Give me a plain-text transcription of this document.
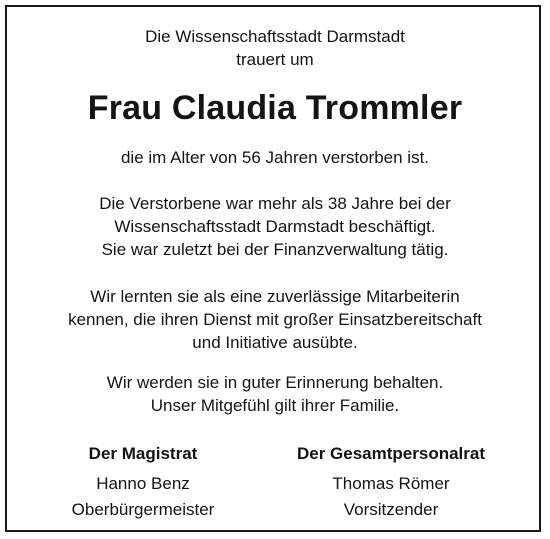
Die Wissenschaftsstadt Darmstadt
trauert um
Frau Claudia Trommler
die im Alter von 56 Jahren verstorben ist.
Die Verstorbene war mehr als 38 Jahre bei der
Wissenschaftsstadt Darmstadt beschäftigt.
Sie war zuletzt bei der Finanzverwaltung tätig.
Wir lernten sie als eine zuverlässige Mitarbeiterin
kennen, die ihren Dienst mit großer Einsatzbereitschaft
und Initiative ausübte.
Wir werden sie in guter Erinnerung behalten.
Unser Mitgefühl gilt ihrer Familie.
Der Magistrat
Hanno Benz
Oberbürgermeister
Der Gesamtpersonalrat
Thomas Römer
Vorsitzender
